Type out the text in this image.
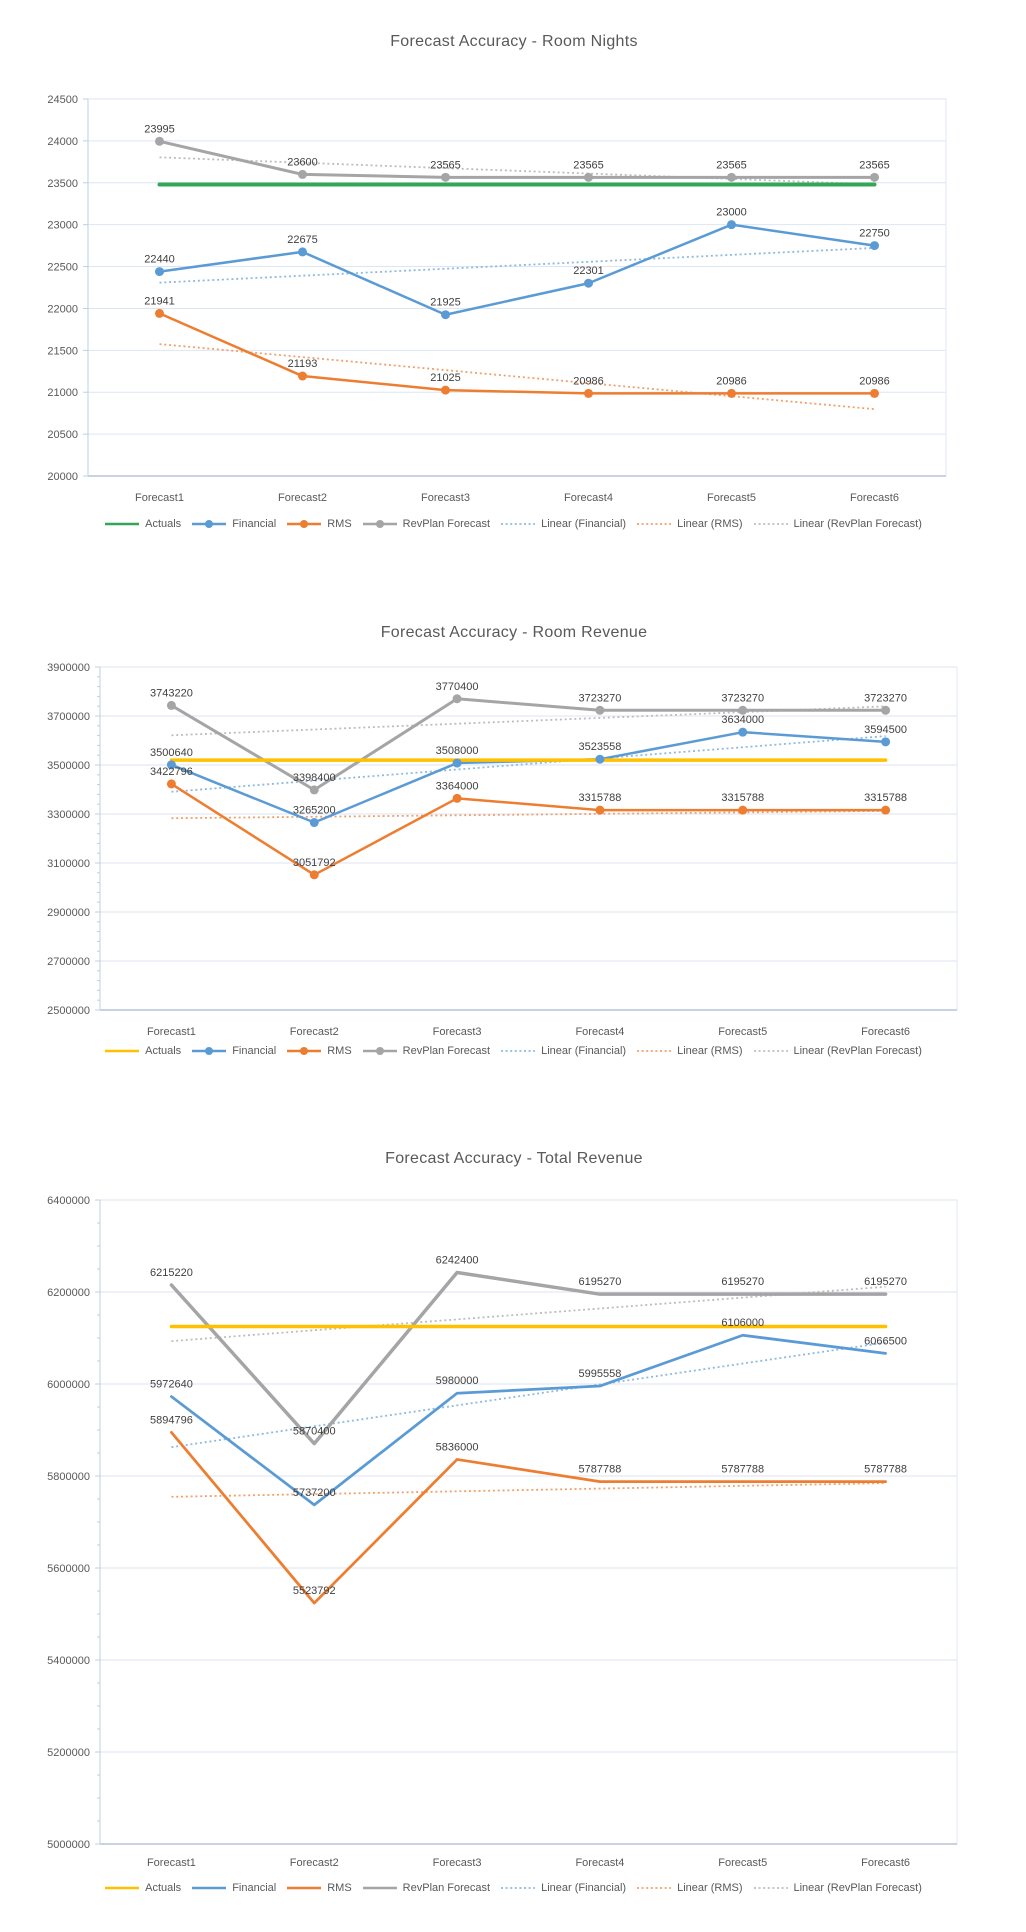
Forecast Accuracy - Room Nights
Forecast Accuracy - Room Revenue
Forecast Accuracy - Total Revenue
20000
20500
21000
21500
22000
22500
23000
23500
24000
24500
Forecast1	Forecast2	Forecast3	Forecast4	Forecast5	Forecast6
22440
22675
21925
22301
23000
22750
21941
21193
21025	20986	20986	20986
23995
23600	23565	23565	23565	23565
2500000
2700000
2900000
3100000
3300000
3500000
3700000
3900000
Forecast1	Forecast2	Forecast3	Forecast4	Forecast5	Forecast6
3500640
3265200
3508000	3523558
3634000
3594500
3422796
3051792
3364000
3315788	3315788	3315788
3743220
3398400
3770400
3723270	3723270	3723270
5000000
5200000
5400000
5600000
5800000
6000000
6200000
6400000
Forecast1	Forecast2	Forecast3	Forecast4	Forecast5	Forecast6
5972640
5737200
5980000
5995558
6106000
6066500
5894796
5523792
5836000
5787788	5787788	5787788
6215220
5870400
6242400
6195270	6195270	6195270
Actuals	Financial	RMS	RevPlan Forecast	Linear (Financial)	Linear (RMS)	Linear (RevPlan Forecast)
Actuals	Financial	RMS	RevPlan Forecast	Linear (Financial)	Linear (RMS)	Linear (RevPlan Forecast)
Actuals	Financial	RMS	RevPlan Forecast	Linear (Financial)	Linear (RMS)	Linear (RevPlan Forecast)
